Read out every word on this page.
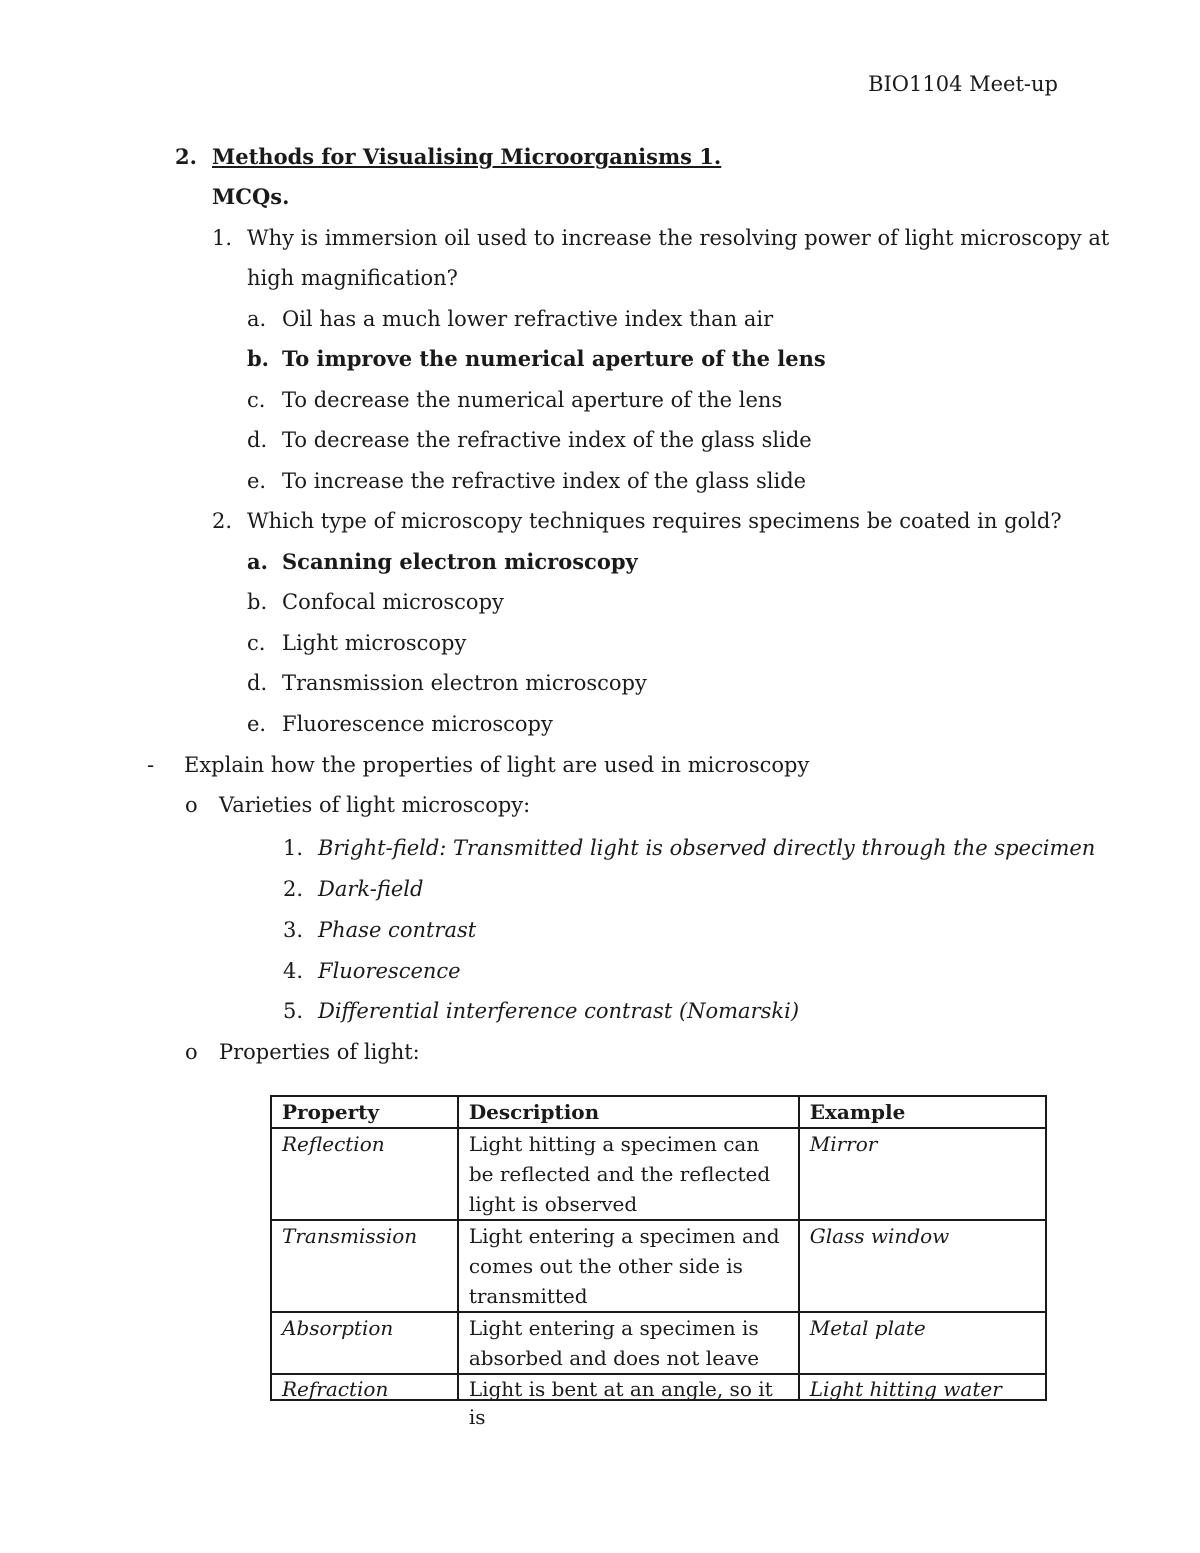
BIO1104 Meet-up
2. Methods for Visualising Microorganisms 1.
MCQs.
1. Why is immersion oil used to increase the resolving power of light microscopy at
high magnification?
a. Oil has a much lower refractive index than air
b. To improve the numerical aperture of the lens
c. To decrease the numerical aperture of the lens
d. To decrease the refractive index of the glass slide
e. To increase the refractive index of the glass slide
2. Which type of microscopy techniques requires specimens be coated in gold?
a. Scanning electron microscopy
b. Confocal microscopy
c. Light microscopy
d. Transmission electron microscopy
e. Fluorescence microscopy
- Explain how the properties of light are used in microscopy
o Varieties of light microscopy:
1. Bright-field: Transmitted light is observed directly through the specimen
2. Dark-field
3. Phase contrast
4. Fluorescence
5. Differential interference contrast (Nomarski)
o Properties of light:
Property	Description	Example
Reflection	Light hitting a specimen can be reflected and the reflected light is observed	Mirror
Transmission	Light entering a specimen and comes out the other side is transmitted	Glass window
Absorption	Light entering a specimen is absorbed and does not leave	Metal plate

Refraction	Light is bent at an angle, so it is	Light hitting water
